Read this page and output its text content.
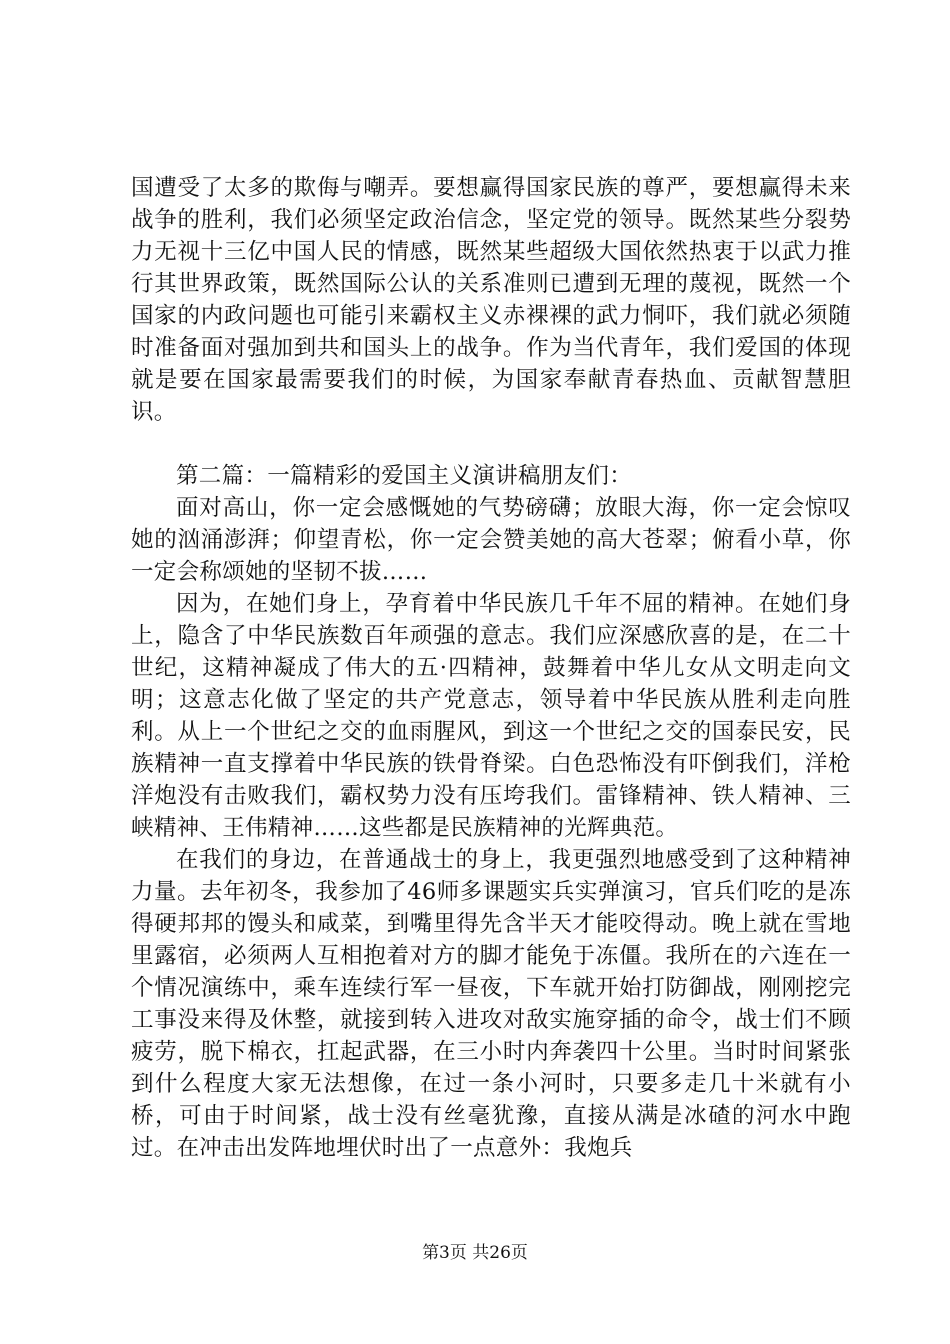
国遭受了太多的欺侮与嘲弄。要想赢得国家民族的尊严，要想赢得未来战争的胜利，我们必须坚定政治信念，坚定党的领导。既然某些分裂势力无视十三亿中国人民的情感，既然某些超级大国依然热衷于以武力推行其世界政策，既然国际公认的关系准则已遭到无理的蔑视，既然一个国家的内政问题也可能引来霸权主义赤裸裸的武力恫吓，我们就必须随时准备面对强加到共和国头上的战争。作为当代青年，我们爱国的体现就是要在国家最需要我们的时候，为国家奉献青春热血、贡献智慧胆识。

第二篇：一篇精彩的爱国主义演讲稿朋友们：

面对高山，你一定会感慨她的气势磅礴；放眼大海，你一定会惊叹她的汹涌澎湃；仰望青松，你一定会赞美她的高大苍翠；俯看小草，你一定会称颂她的坚韧不拔……

因为，在她们身上，孕育着中华民族几千年不屈的精神。在她们身上，隐含了中华民族数百年顽强的意志。我们应深感欣喜的是，在二十世纪，这精神凝成了伟大的五·四精神，鼓舞着中华儿女从文明走向文明；这意志化做了坚定的共产党意志，领导着中华民族从胜利走向胜利。从上一个世纪之交的血雨腥风，到这一个世纪之交的国泰民安，民族精神一直支撑着中华民族的铁骨脊梁。白色恐怖没有吓倒我们，洋枪洋炮没有击败我们，霸权势力没有压垮我们。雷锋精神、铁人精神、三峡精神、王伟精神……这些都是民族精神的光辉典范。

在我们的身边，在普通战士的身上，我更强烈地感受到了这种精神力量。去年初冬，我参加了46师多课题实兵实弹演习，官兵们吃的是冻得硬邦邦的馒头和咸菜，到嘴里得先含半天才能咬得动。晚上就在雪地里露宿，必须两人互相抱着对方的脚才能免于冻僵。我所在的六连在一个情况演练中，乘车连续行军一昼夜，下车就开始打防御战，刚刚挖完工事没来得及休整，就接到转入进攻对敌实施穿插的命令，战士们不顾疲劳，脱下棉衣，扛起武器，在三小时内奔袭四十公里。当时时间紧张到什么程度大家无法想像，在过一条小河时，只要多走几十米就有小桥，可由于时间紧，战士没有丝毫犹豫，直接从满是冰碴的河水中跑过。在冲击出发阵地埋伏时出了一点意外：我炮兵

第3页 共26页
